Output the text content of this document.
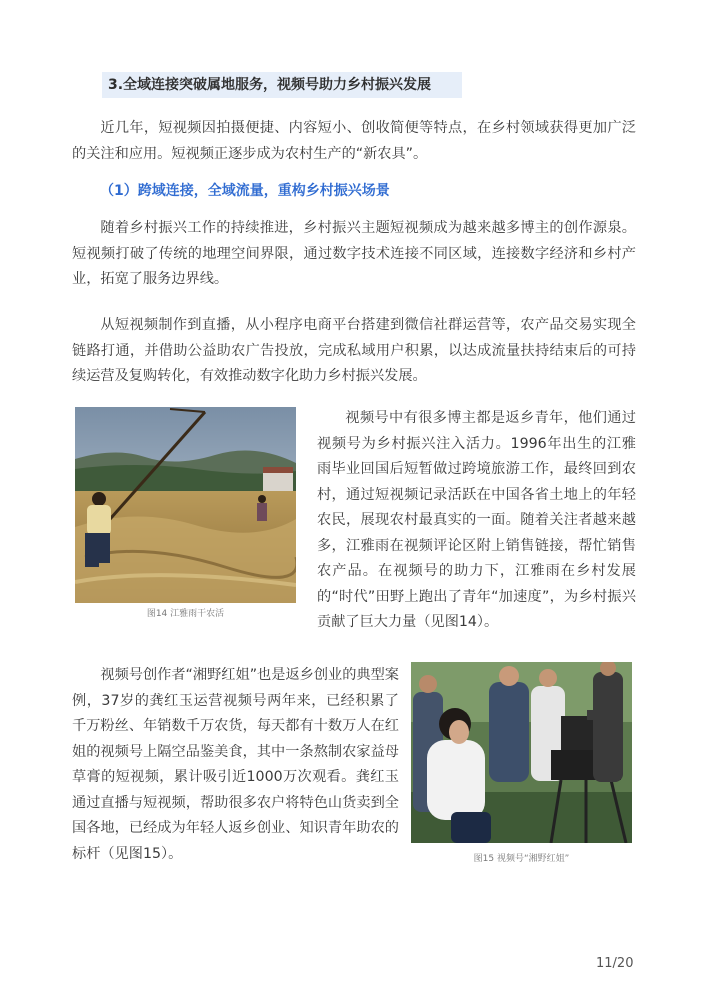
3.全域连接突破属地服务，视频号助力乡村振兴发展

近几年，短视频因拍摄便捷、内容短小、创收简便等特点，在乡村领域获得更加广泛的关注和应用。短视频正逐步成为农村生产的“新农具”。

（1）跨域连接，全域流量，重构乡村振兴场景

随着乡村振兴工作的持续推进，乡村振兴主题短视频成为越来越多博主的创作源泉。短视频打破了传统的地理空间界限，通过数字技术连接不同区域，连接数字经济和乡村产业，拓宽了服务边界线。

从短视频制作到直播，从小程序电商平台搭建到微信社群运营等，农产品交易实现全链路打通，并借助公益助农广告投放，完成私域用户积累，以达成流量扶持结束后的可持续运营及复购转化，有效推动数字化助力乡村振兴发展。

图14 江雅雨干农活

视频号中有很多博主都是返乡青年，他们通过视频号为乡村振兴注入活力。1996年出生的江雅雨毕业回国后短暂做过跨境旅游工作，最终回到农村，通过短视频记录活跃在中国各省土地上的年轻农民，展现农村最真实的一面。随着关注者越来越多，江雅雨在视频评论区附上销售链接，帮忙销售农产品。在视频号的助力下，江雅雨在乡村发展的“时代”田野上跑出了青年“加速度”，为乡村振兴贡献了巨大力量（见图14）。

视频号创作者“湘野红姐”也是返乡创业的典型案例，37岁的龚红玉运营视频号两年来，已经积累了千万粉丝、年销数千万农货，每天都有十数万人在红姐的视频号上隔空品鉴美食，其中一条熬制农家益母草膏的短视频，累计吸引近1000万次观看。龚红玉通过直播与短视频，帮助很多农户将特色山货卖到全国各地，已经成为年轻人返乡创业、知识青年助农的标杆（见图15）。	图15 视频号“湘野红姐”
11/20
